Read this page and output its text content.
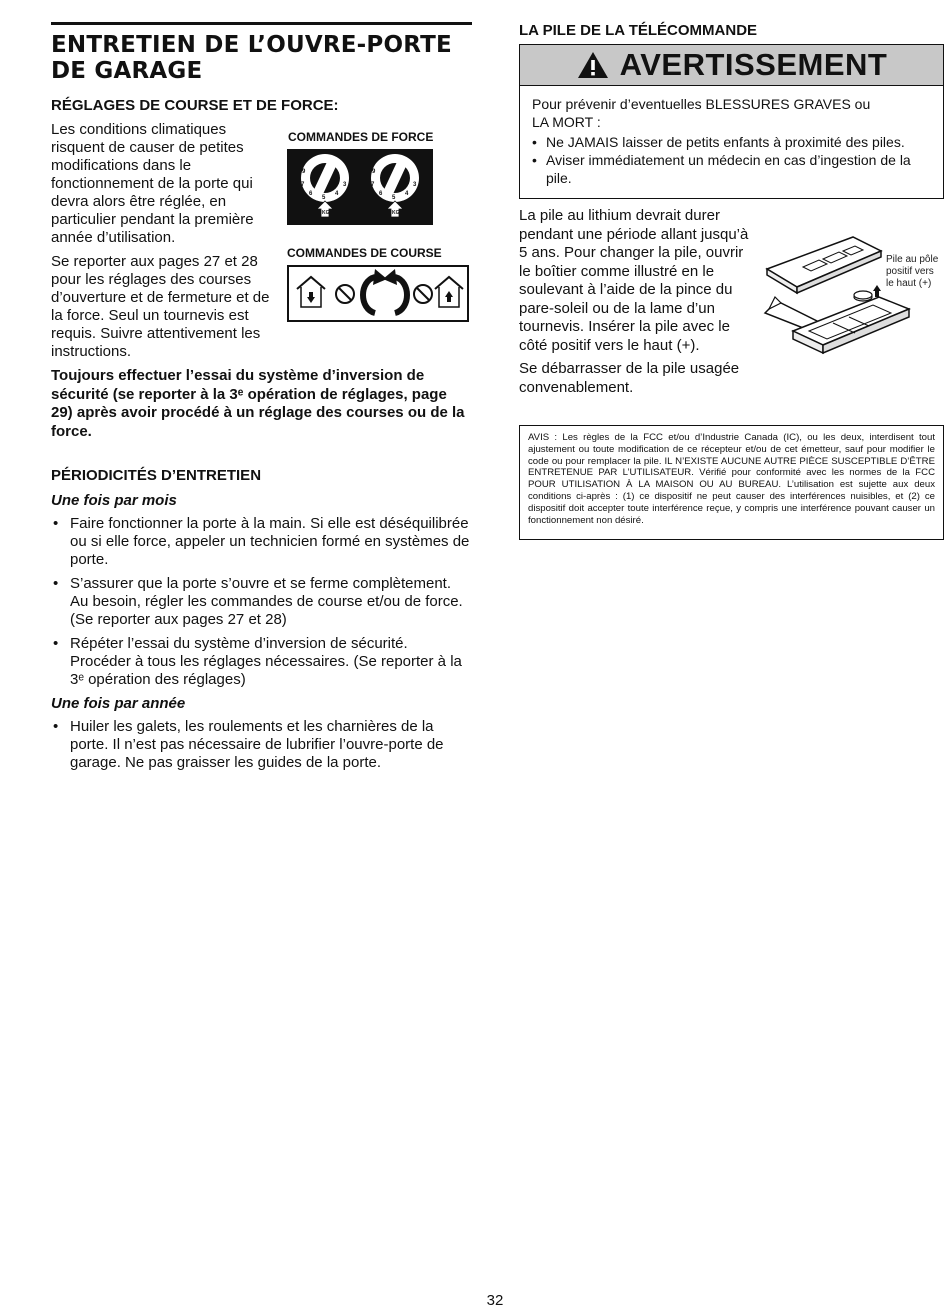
ENTRETIEN DE L’OUVRE-PORTE
DE GARAGE
RÉGLAGES DE COURSE ET DE FORCE:

Les conditions climatiques risquent de causer de petites modifications dans le fonctionnement de la porte qui devra alors être réglée, en particulier pendant la première année d’utilisation.

Se reporter aux pages 27 et 28 pour les réglages des courses d’ouverture et de fermeture et de la force. Seul un tournevis est requis. Suivre attentivement les instructions.

COMMANDES DE FORCE
9
7
6
5
4
3
KG
9
7
6
5
4
3
KG
COMMANDES DE COURSE

Toujours effectuer l’essai du système d’inversion de sécurité (se reporter à la 3ᵉ opération de réglages, page 29) après avoir procédé à un réglage des courses ou de la force.

PÉRIODICITÉS D’ENTRETIEN
Une fois par mois
• Faire fonctionner la porte à la main. Si elle est déséquilibrée ou si elle force, appeler un technicien formé en systèmes de porte.
• S’assurer que la porte s’ouvre et se ferme complètement. Au besoin, régler les commandes de course et/ou de force. (Se reporter aux pages 27 et 28)
• Répéter l’essai du système d’inversion de sécurité. Procéder à tous les réglages nécessaires. (Se reporter à la 3ᵉ opération des réglages)
Une fois par année
• Huiler les galets, les roulements et les charnières de la porte. Il n’est pas nécessaire de lubrifier l’ouvre-porte de garage. Ne pas graisser les guides de la porte.
LA PILE DE LA TÉLÉCOMMANDE
AVERTISSEMENT
Pour prévenir d’eventuelles BLESSURES GRAVES ou
LA MORT :
• Ne JAMAIS laisser de petits enfants à proximité des piles.
• Aviser immédiatement un médecin en cas d’ingestion de la pile.

La pile au lithium devrait durer pendant une période allant jusqu’à 5 ans. Pour changer la pile, ouvrir le boîtier comme illustré en le soulevant à l’aide de la pince du pare-soleil ou de la lame d’un tournevis. Insérer la pile avec le côté positif vers le haut (+).

Se débarrasser de la pile usagée convenablement.

Pile au pôle
positif vers
le haut (+)

AVIS : Les règles de la FCC et/ou d’Industrie Canada (IC), ou les deux, interdisent tout ajustement ou toute modification de ce récepteur et/ou de cet émetteur, sauf pour modifier le code ou pour remplacer la pile. IL N’EXISTE AUCUNE AUTRE PIÈCE SUSCEPTIBLE D’ÊTRE ENTRETENUE PAR L’UTILISATEUR. Vérifié pour conformité avec les normes de la FCC POUR UTILISATION À LA MAISON OU AU BUREAU. L’utilisation est sujette aux deux conditions ci-après : (1) ce dispositif ne peut causer des interférences nuisibles, et (2) ce dispositif doit accepter toute interférence reçue, y compris une interférence pouvant causer un fonctionnement non désiré.

32
